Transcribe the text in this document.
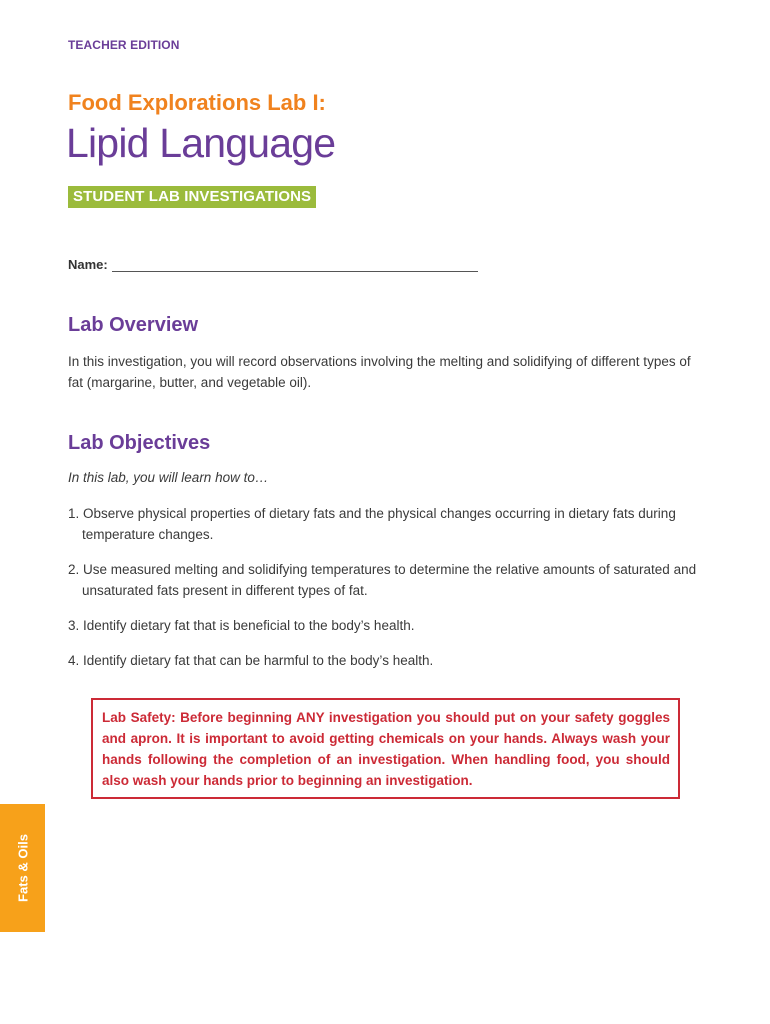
TEACHER EDITION
Food Explorations Lab I:
Lipid Language
STUDENT LAB INVESTIGATIONS
Name:
Lab Overview
In this investigation, you will record observations involving the melting and solidifying of different types of fat (margarine, butter, and vegetable oil).
Lab Objectives
In this lab, you will learn how to…
1. Observe physical properties of dietary fats and the physical changes occurring in dietary fats during temperature changes.
2. Use measured melting and solidifying temperatures to determine the relative amounts of saturated and unsaturated fats present in different types of fat.
3. Identify dietary fat that is beneficial to the body’s health.
4. Identify dietary fat that can be harmful to the body’s health.
Lab Safety: Before beginning ANY investigation you should put on your safety goggles and apron. It is important to avoid getting chemicals on your hands. Always wash your hands following the completion of an investigation. When handling food, you should also wash your hands prior to beginning an investigation.
Fats & Oils
